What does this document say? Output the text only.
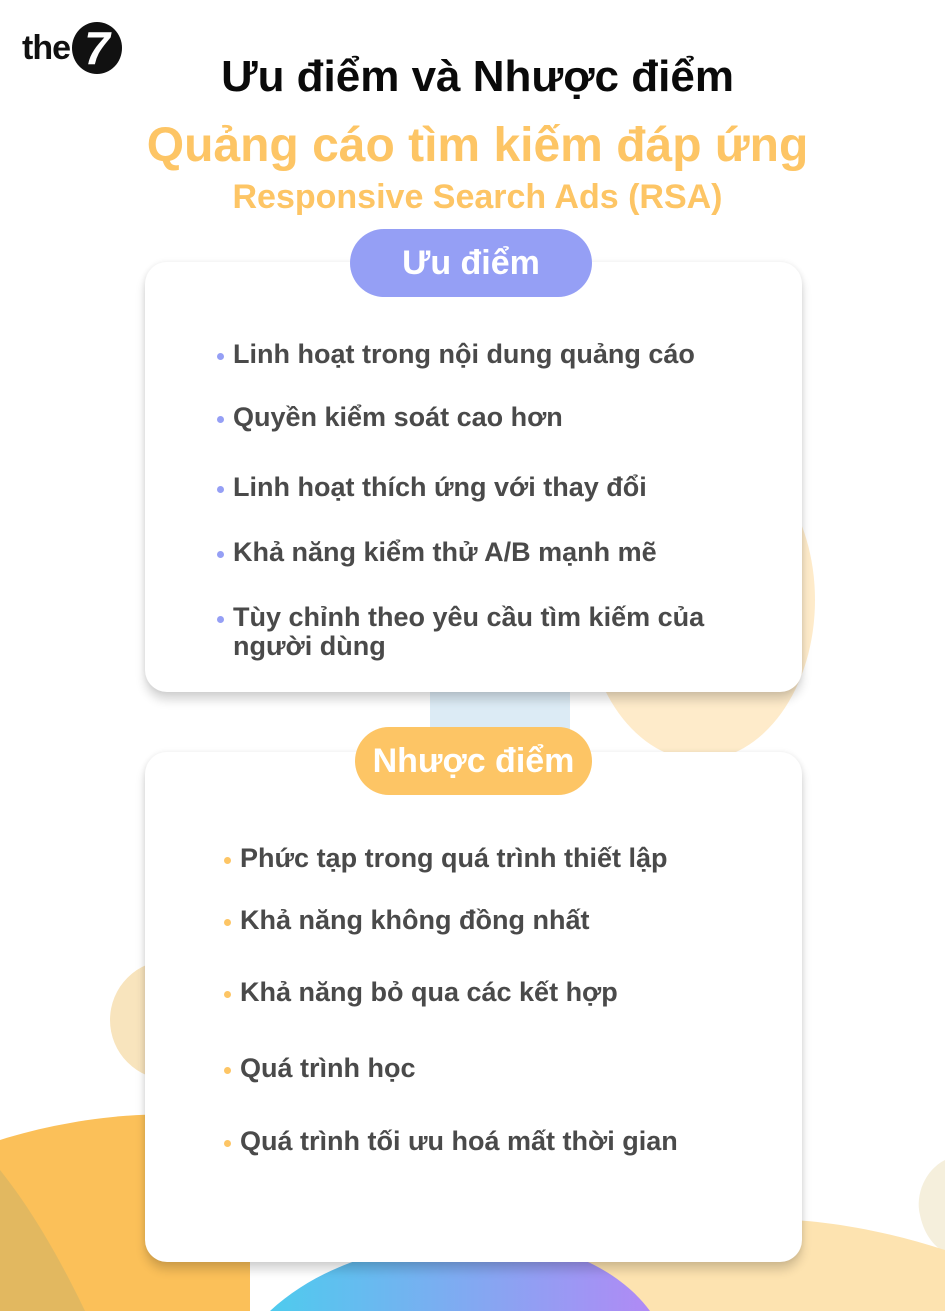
the 7
Ưu điểm và Nhược điểm
Quảng cáo tìm kiếm đáp ứng
Responsive Search Ads (RSA)
Ưu điểm
Linh hoạt trong nội dung quảng cáo
Quyền kiểm soát cao hơn
Linh hoạt thích ứng với thay đổi
Khả năng kiểm thử A/B mạnh mẽ
Tùy chỉnh theo yêu cầu tìm kiếm của người dùng
Nhược điểm
Phức tạp trong quá trình thiết lập
Khả năng không đồng nhất
Khả năng bỏ qua các kết hợp
Quá trình học
Quá trình tối ưu hoá mất thời gian
